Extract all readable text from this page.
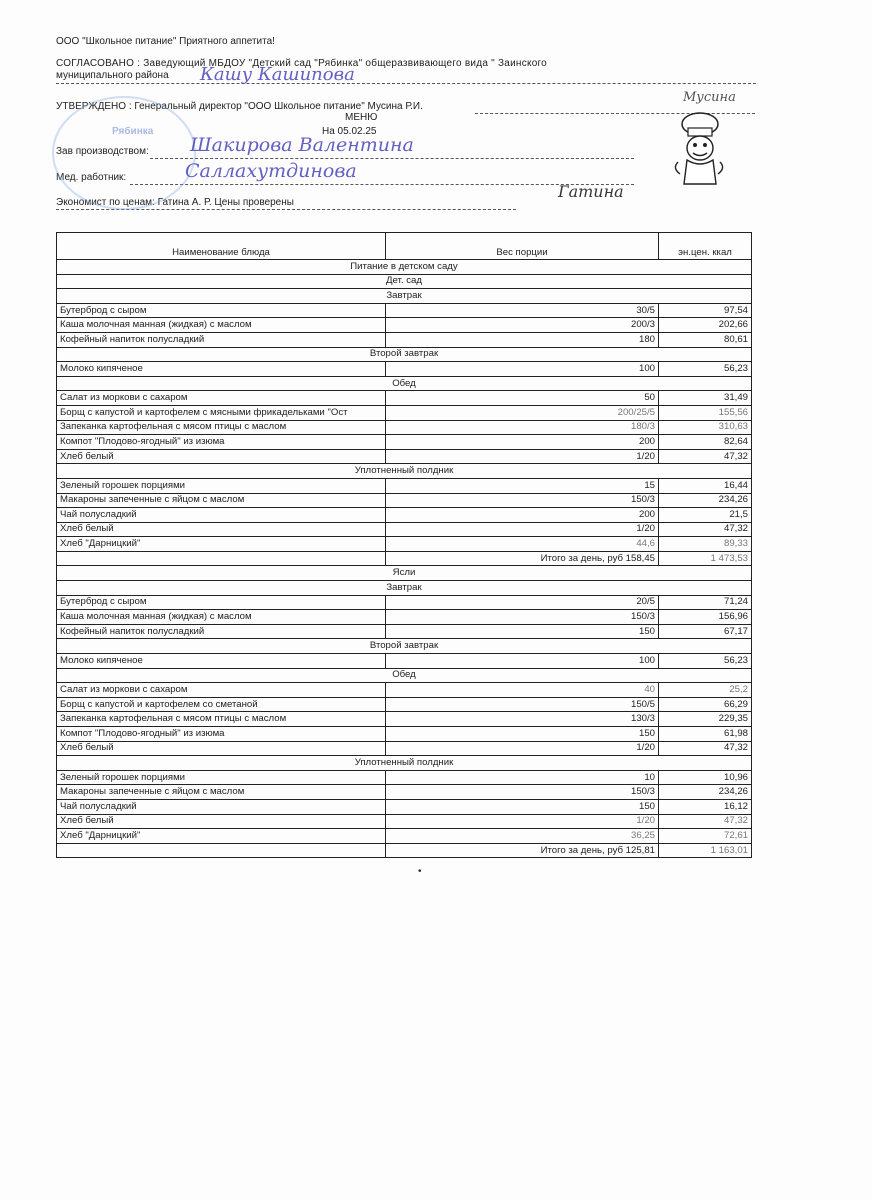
ООО "Школьное питание" Приятного аппетита!
СОГЛАСОВАНО : Заведующий МБДОУ "Детский сад "Рябинка" общеразвивающего вида " Заинского
муниципального района
УТВЕРЖДЕНО : Генеральный директор "ООО Школьное питание" Мусина Р.И.
МЕНЮ
На 05.02.25
Зав производством:
Мед. работник:
Экономист по ценам: Гатина А. Р. Цены проверены
Рябинка
Кашу Кашипова
Мусина
Шакирова Валентина
Саллахутдинова
Гатина
Наименование блюда	Вес порции	эн.цен. ккал
Питание в детском саду		
Дет. сад		
Завтрак		
Бутерброд с сыром	30/5	97,54
Каша молочная манная (жидкая) с маслом	200/3	202,66
Кофейный напиток полусладкий	180	80,61
Второй завтрак		
Молоко кипяченое	100	56,23
Обед		
Салат из моркови с сахаром	50	31,49
Борщ с капустой и картофелем с мясными фрикадельками "Ост	200/25/5	155,56
Запеканка картофельная с мясом птицы с маслом	180/3	310,63
Компот "Плодово-ягодный" из изюма	200	82,64
Хлеб белый	1/20	47,32
Уплотненный полдник		
Зеленый горошек порциями	15	16,44
Макароны запеченные с яйцом с маслом	150/3	234,26
Чай полусладкий	200	21,5
Хлеб белый	1/20	47,32
Хлеб "Дарницкий"	44,6	89,33
	Итого за день, руб 158,45	1 473,53
Ясли		
Завтрак		
Бутерброд с сыром	20/5	71,24
Каша молочная манная (жидкая) с маслом	150/3	156,96
Кофейный напиток полусладкий	150	67,17
Второй завтрак		
Молоко кипяченое	100	56,23
Обед		
Салат из моркови с сахаром	40	25,2
Борщ с капустой и картофелем со сметаной	150/5	66,29
Запеканка картофельная с мясом птицы с маслом	130/3	229,35
Компот "Плодово-ягодный" из изюма	150	61,98
Хлеб белый	1/20	47,32
Уплотненный полдник		
Зеленый горошек порциями	10	10,96
Макароны запеченные с яйцом с маслом	150/3	234,26
Чай полусладкий	150	16,12
Хлеб белый	1/20	47,32
Хлеб "Дарницкий"	36,25	72,61
	Итого за день, руб 125,81	1 163,01
•
